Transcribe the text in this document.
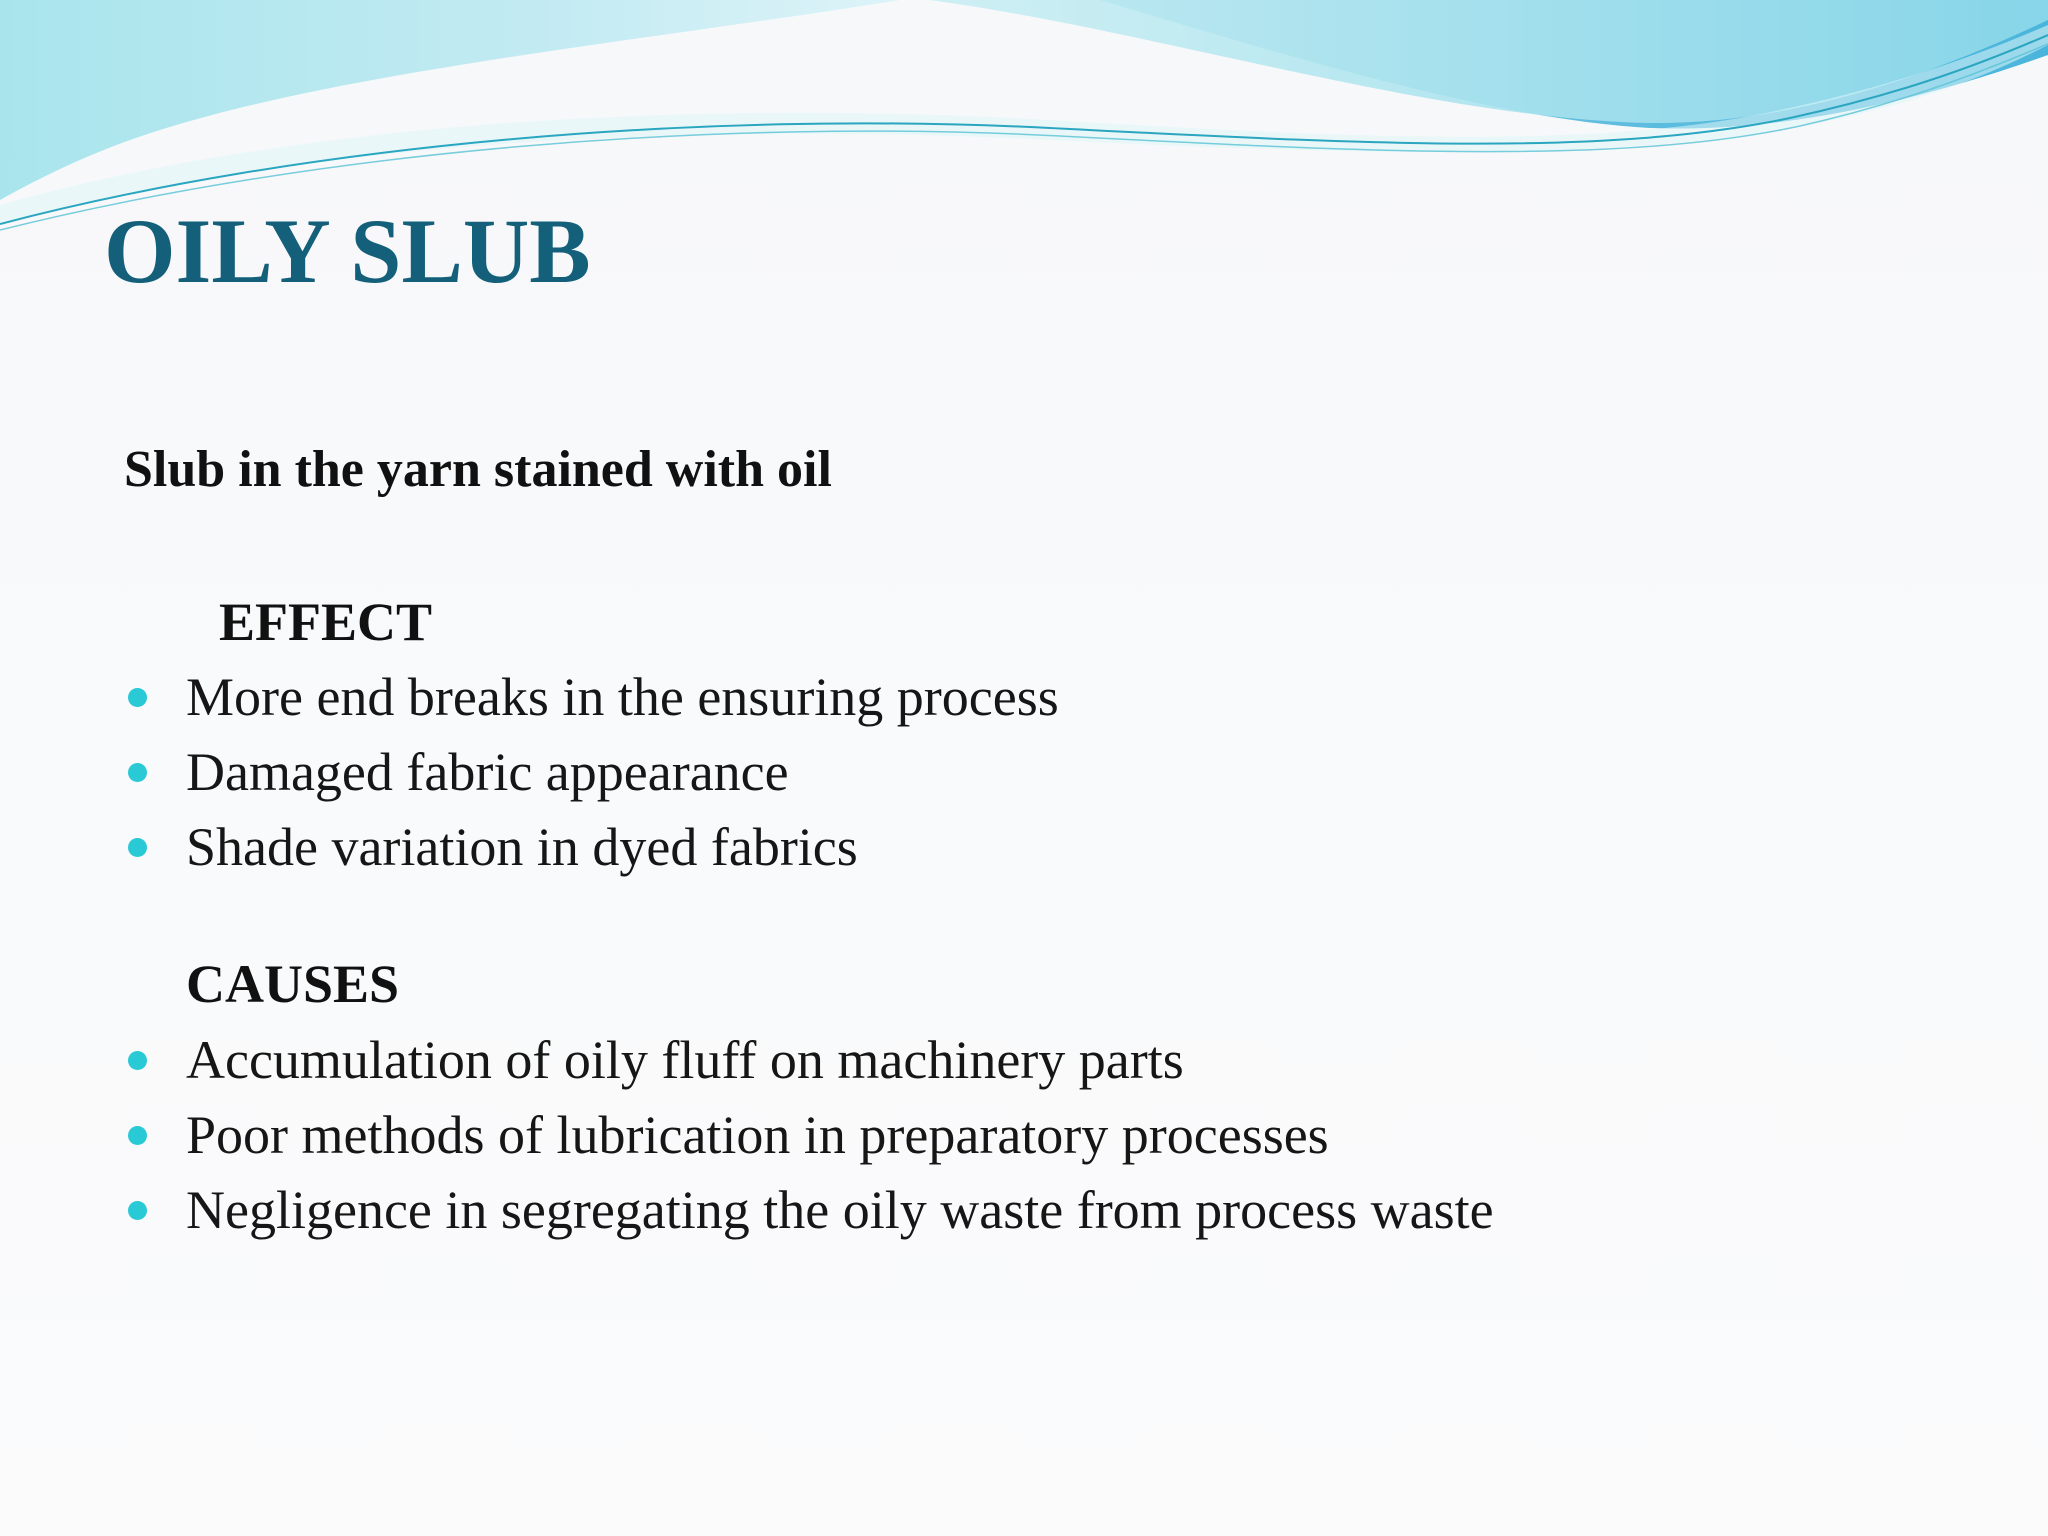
OILY SLUB

Slub in the yarn stained with oil

EFFECT
More end breaks in the ensuring process
Damaged fabric appearance
Shade variation in dyed fabrics
CAUSES
Accumulation of oily fluff on machinery parts
Poor methods of lubrication in preparatory processes
Negligence in segregating the oily waste from process waste
